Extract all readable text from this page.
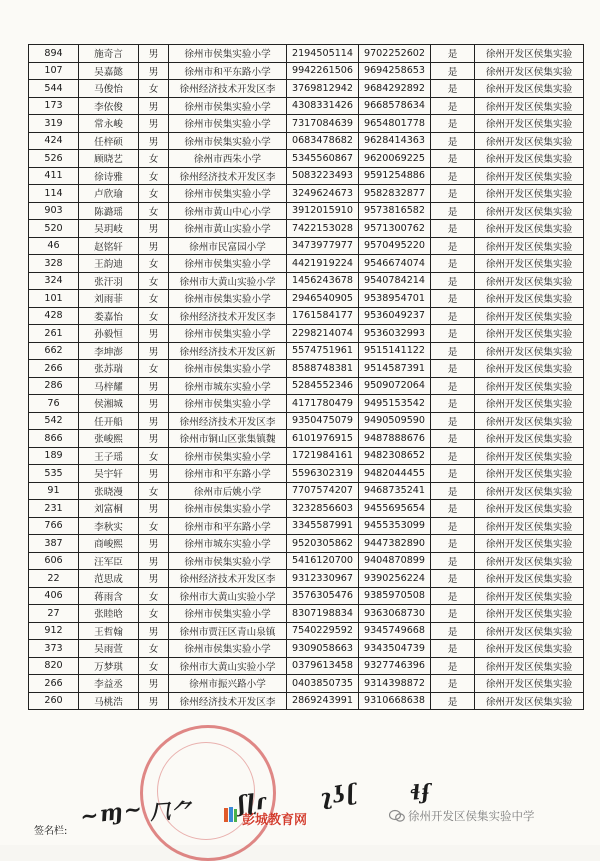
894	施奇言	男	徐州市侯集实验小学	2194505114	9702252602	是	徐州开发区侯集实验
107	吴嘉懿	男	徐州市和平东路小学	9942261506	9694258653	是	徐州开发区侯集实验
544	马俊怡	女	徐州经济技术开发区李	3769812942	9684292892	是	徐州开发区侯集实验
173	李依俊	男	徐州市侯集实验小学	4308331426	9668578634	是	徐州开发区侯集实验
319	常永峻	男	徐州市侯集实验小学	7317084639	9654801778	是	徐州开发区侯集实验
424	任梓硕	男	徐州市侯集实验小学	0683478682	9628414363	是	徐州开发区侯集实验
526	顾晓艺	女	徐州市西朱小学	5345560867	9620069225	是	徐州开发区侯集实验
411	徐诗雅	女	徐州经济技术开发区李	5083223493	9591254886	是	徐州开发区侯集实验
114	卢欣瑜	女	徐州市侯集实验小学	3249624673	9582832877	是	徐州开发区侯集实验
903	陈潞瑶	女	徐州市黄山中心小学	3912015910	9573816582	是	徐州开发区侯集实验
520	吴玥岐	男	徐州市黄山实验小学	7422153028	9571300762	是	徐州开发区侯集实验
46	赵铭轩	男	徐州市民富园小学	3473977977	9570495220	是	徐州开发区侯集实验
328	王韵迪	女	徐州市侯集实验小学	4421919224	9546674074	是	徐州开发区侯集实验
324	张汗羽	女	徐州市大黄山实验小学	1456243678	9540784214	是	徐州开发区侯集实验
101	刘雨菲	女	徐州市侯集实验小学	2946540905	9538954701	是	徐州开发区侯集实验
428	娄嘉怡	女	徐州经济技术开发区李	1761584177	9536049237	是	徐州开发区侯集实验
261	孙毅恒	男	徐州市侯集实验小学	2298214074	9536032993	是	徐州开发区侯集实验
662	李坤澎	男	徐州经济技术开发区新	5574751961	9515141122	是	徐州开发区侯集实验
266	张苏瑞	女	徐州市侯集实验小学	8588748381	9514587391	是	徐州开发区侯集实验
286	马梓耀	男	徐州市城东实验小学	5284552346	9509072064	是	徐州开发区侯集实验
76	侯湘城	男	徐州市侯集实验小学	4171780479	9495153542	是	徐州开发区侯集实验
542	任开船	男	徐州经济技术开发区李	9350475079	9490509590	是	徐州开发区侯集实验
866	张峻熙	男	徐州市铜山区张集镇魏	6101976915	9487888676	是	徐州开发区侯集实验
189	王子瑶	女	徐州市侯集实验小学	1721984161	9482308652	是	徐州开发区侯集实验
535	吴宇轩	男	徐州市和平东路小学	5596302319	9482044455	是	徐州开发区侯集实验
91	张晓漫	女	徐州市后姚小学	7707574207	9468735241	是	徐州开发区侯集实验
231	刘富桐	男	徐州市侯集实验小学	3232856603	9455695654	是	徐州开发区侯集实验
766	李秋实	女	徐州市和平东路小学	3345587991	9455353099	是	徐州开发区侯集实验
387	商峻熙	男	徐州市城东实验小学	9520305862	9447382890	是	徐州开发区侯集实验
606	汪军臣	男	徐州市侯集实验小学	5416120700	9404870899	是	徐州开发区侯集实验
22	范思成	男	徐州经济技术开发区李	9312330967	9390256224	是	徐州开发区侯集实验
406	蒋雨含	女	徐州市大黄山实验小学	3576305476	9385970508	是	徐州开发区侯集实验
27	张睦晗	女	徐州市侯集实验小学	8307198834	9363068730	是	徐州开发区侯集实验
912	王哲翰	男	徐州市贾汪区青山泉镇	7540229592	9345749668	是	徐州开发区侯集实验
373	吴雨萱	女	徐州市侯集实验小学	9309058663	9343504739	是	徐州开发区侯集实验
820	万梦琪	女	徐州市大黄山实验小学	0379613458	9327746396	是	徐州开发区侯集实验
266	李益丞	男	徐州市振兴路小学	0403850735	9314398872	是	徐州开发区侯集实验
260	马桃浩	男	徐州经济技术开发区李	2869243991	9310668638	是	徐州开发区侯集实验
签名栏:
~ɱ~ ⺇⺈ ʃɭɾ ʅʖʗ ɬʄ
彭城教育网	徐州开发区侯集实验中学
